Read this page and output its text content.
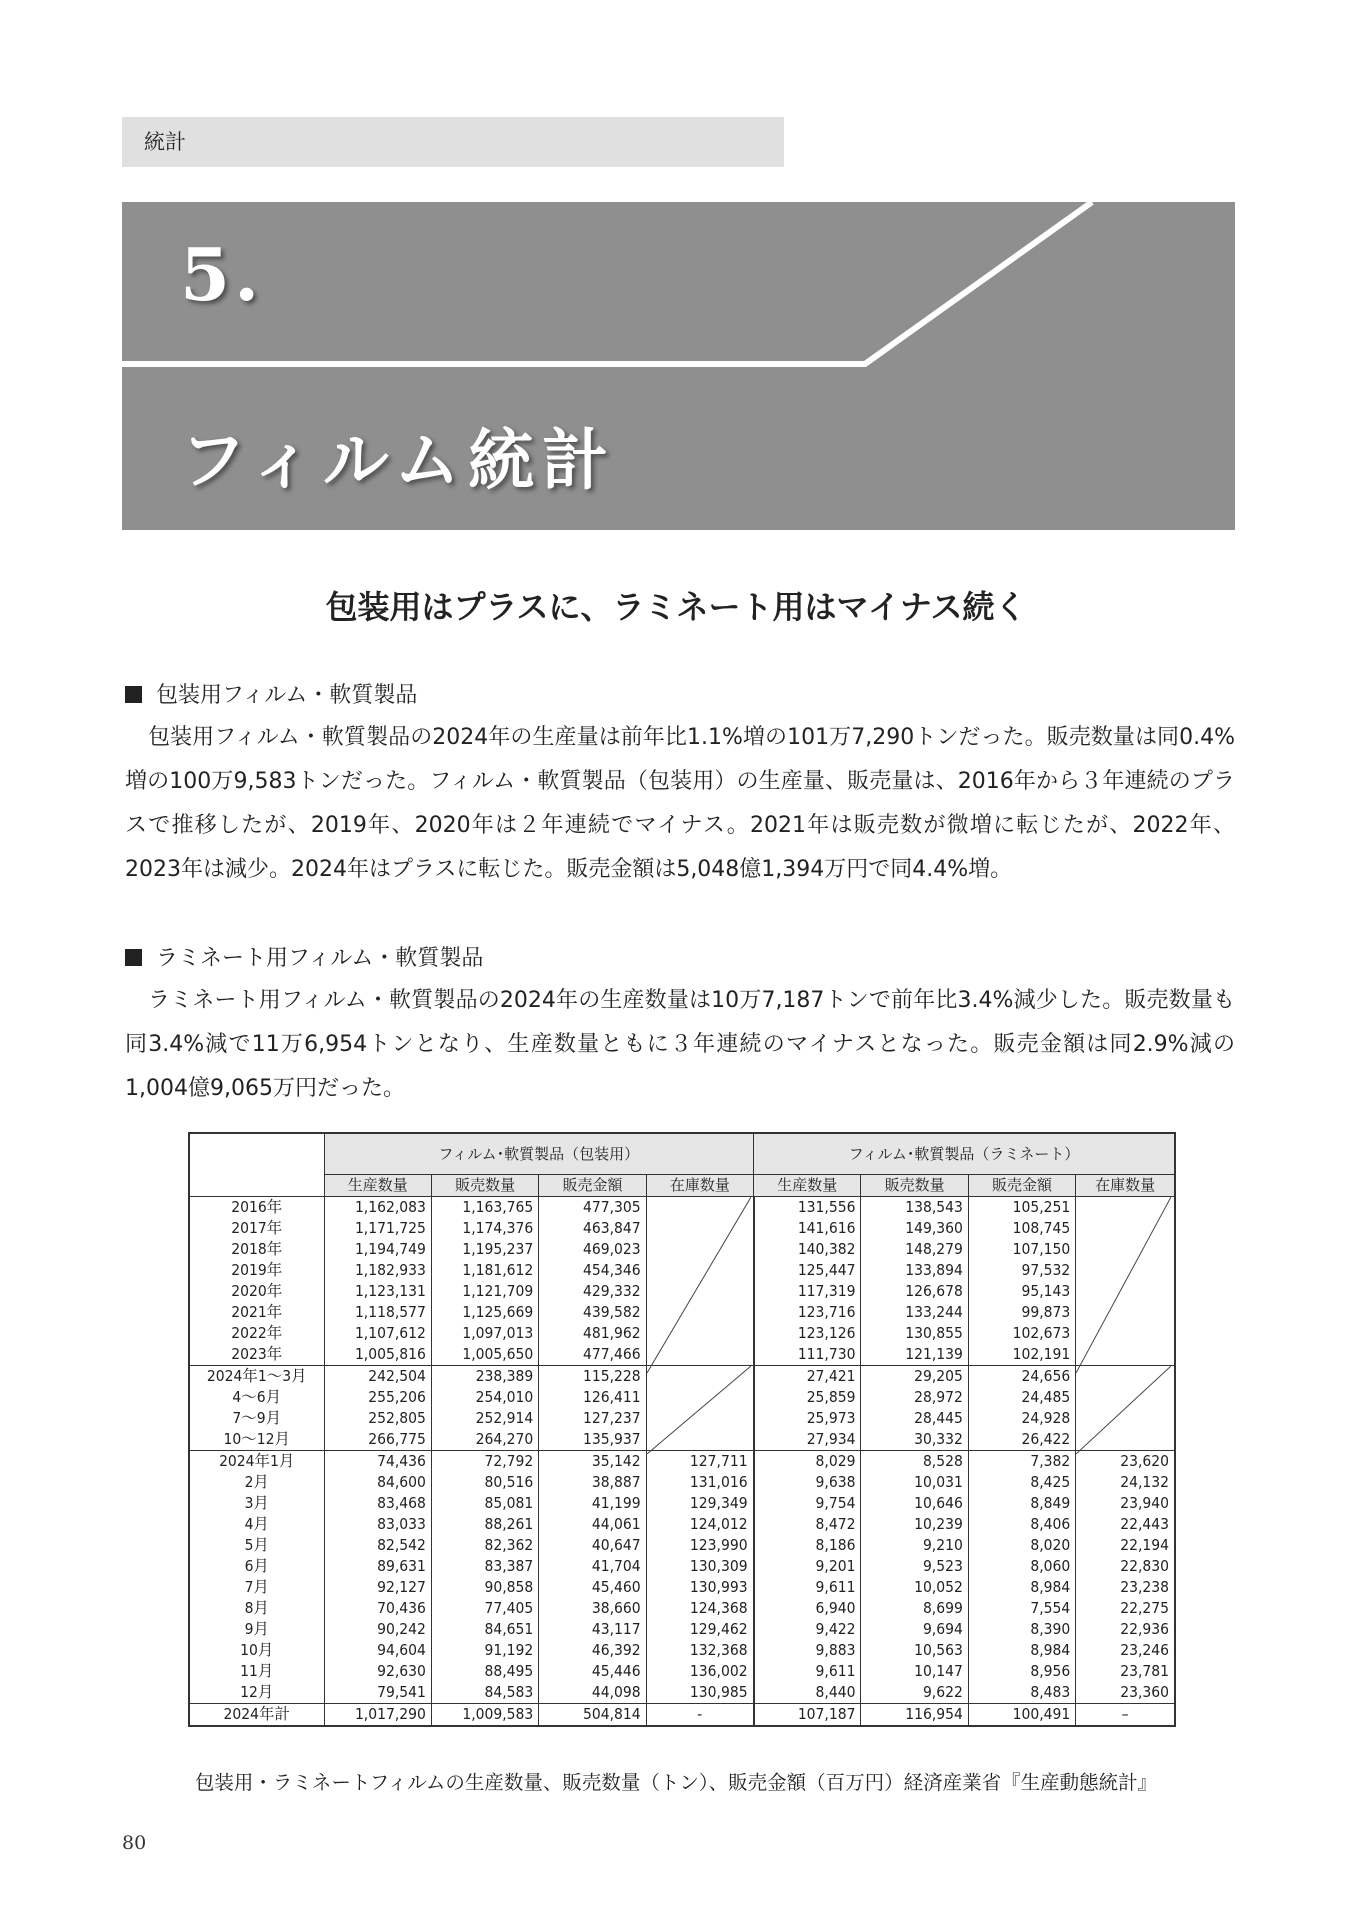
統計
5.
フィルム統計
包装用はプラスに、ラミネート用はマイナス続く
包装用フィルム・軟質製品

包装用フィルム・軟質製品の2024年の生産量は前年比1.1%増の101万7,290トンだった。販売数量は同0.4%増の100万9,583トンだった。フィルム・軟質製品（包装用）の生産量、販売量は、2016年から３年連続のプラスで推移したが、2019年、2020年は２年連続でマイナス。2021年は販売数が微増に転じたが、2022年、2023年は減少。2024年はプラスに転じた。販売金額は5,048億1,394万円で同4.4%増。

ラミネート用フィルム・軟質製品

ラミネート用フィルム・軟質製品の2024年の生産数量は10万7,187トンで前年比3.4%減少した。販売数量も同3.4%減で11万6,954トンとなり、生産数量ともに３年連続のマイナスとなった。販売金額は同2.9%減の1,004億9,065万円だった。

	フィルム･軟質製品（包装用）				フィルム･軟質製品（ラミネート）			
	生産数量	販売数量	販売金額	在庫数量	生産数量	販売数量	販売金額	在庫数量
2016年	1,162,083	1,163,765	477,305		131,556	138,543	105,251	

2017年	1,171,725	1,174,376	463,847		141,616	149,360	108,745	
2018年	1,194,749	1,195,237	469,023		140,382	148,279	107,150	
2019年	1,182,933	1,181,612	454,346		125,447	133,894	97,532	
2020年	1,123,131	1,121,709	429,332		117,319	126,678	95,143	
2021年	1,118,577	1,125,669	439,582		123,716	133,244	99,873	
2022年	1,107,612	1,097,013	481,962		123,126	130,855	102,673	
2023年	1,005,816	1,005,650	477,466		111,730	121,139	102,191	
2024年1～3月	242,504	238,389	115,228		27,421	29,205	24,656	

4～6月	255,206	254,010	126,411		25,859	28,972	24,485	
7～9月	252,805	252,914	127,237		25,973	28,445	24,928	
10～12月	266,775	264,270	135,937		27,934	30,332	26,422	
2024年1月	74,436	72,792	35,142	127,711	8,029	8,528	7,382	23,620
2月	84,600	80,516	38,887	131,016	9,638	10,031	8,425	24,132
3月	83,468	85,081	41,199	129,349	9,754	10,646	8,849	23,940
4月	83,033	88,261	44,061	124,012	8,472	10,239	8,406	22,443
5月	82,542	82,362	40,647	123,990	8,186	9,210	8,020	22,194
6月	89,631	83,387	41,704	130,309	9,201	9,523	8,060	22,830
7月	92,127	90,858	45,460	130,993	9,611	10,052	8,984	23,238
8月	70,436	77,405	38,660	124,368	6,940	8,699	7,554	22,275
9月	90,242	84,651	43,117	129,462	9,422	9,694	8,390	22,936
10月	94,604	91,192	46,392	132,368	9,883	10,563	8,984	23,246
11月	92,630	88,495	45,446	136,002	9,611	10,147	8,956	23,781
12月	79,541	84,583	44,098	130,985	8,440	9,622	8,483	23,360
2024年計	1,017,290	1,009,583	504,814	-	107,187	116,954	100,491	–
包装用・ラミネートフィルムの生産数量、販売数量（トン）、販売金額（百万円）経済産業省『生産動態統計』
80
